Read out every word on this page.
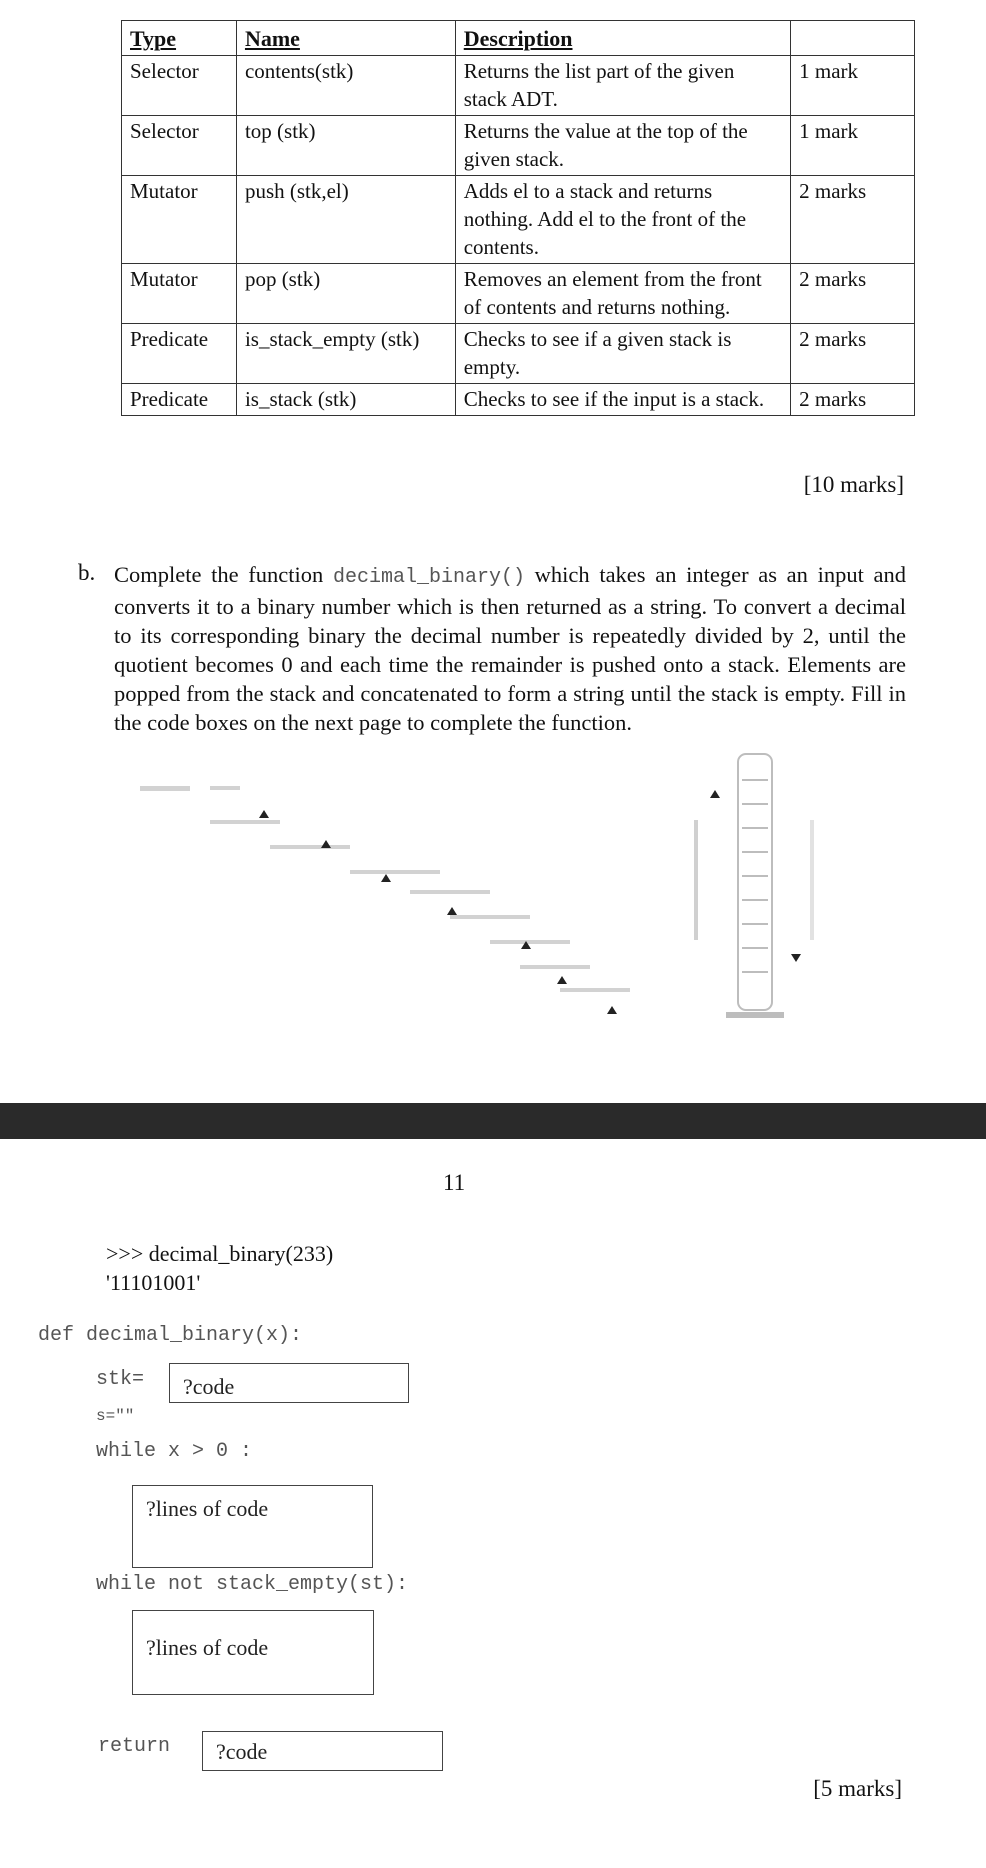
Type	Name	Description	
Selector	contents(stk)	Returns the list part of the given stack ADT.	1 mark
Selector	top (stk)	Returns the value at the top of the given stack.	1 mark
Mutator	push (stk,el)	Adds el to a stack and returns nothing. Add el to the front of the contents.	2 marks
Mutator	pop (stk)	Removes an element from the front of contents and returns nothing.	2 marks
Predicate	is_stack_empty (stk)	Checks to see if a given stack is empty.	2 marks
Predicate	is_stack (stk)	Checks to see if the input is a stack.	2 marks
[10 marks]
b. Complete the function decimal_binary() which takes an integer as an input and converts it to a binary number which is then returned as a string. To convert a decimal to its corresponding binary the decimal number is repeatedly divided by 2, until the quotient becomes 0 and each time the remainder is pushed onto a stack. Elements are popped from the stack and concatenated to form a string until the stack is empty. Fill in the code boxes on the next page to complete the function.
11
>>> decimal_binary(233)
'11101001'
def decimal_binary(x):
stk=	?code
s=""
while x > 0 :
?lines of code
while not stack_empty(st):
?lines of code
return	?code
[5 marks]
